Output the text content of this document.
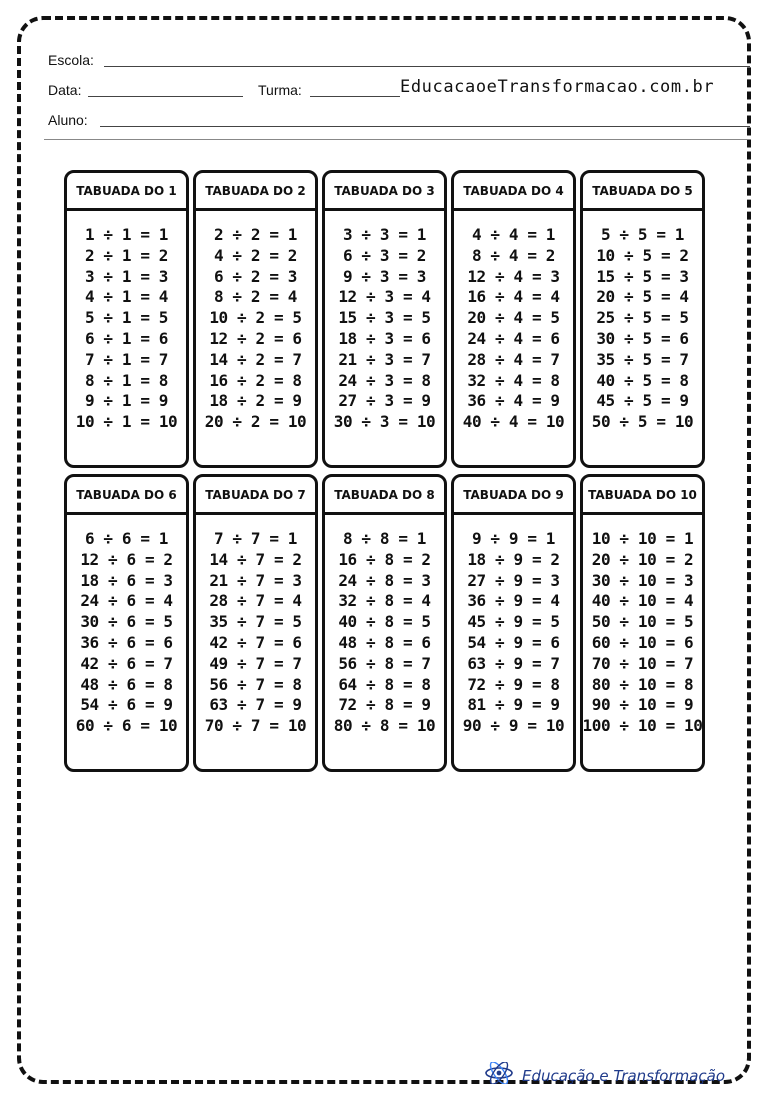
Escola:
Data:	Turma:	EducacaoeTransformacao.com.br
Aluno:
TABUADA DO 1
1 ÷ 1 = 1
2 ÷ 1 = 2
3 ÷ 1 = 3
4 ÷ 1 = 4
5 ÷ 1 = 5
6 ÷ 1 = 6
7 ÷ 1 = 7
8 ÷ 1 = 8
9 ÷ 1 = 9
10 ÷ 1 = 10
TABUADA DO 2
2 ÷ 2 = 1
4 ÷ 2 = 2
6 ÷ 2 = 3
8 ÷ 2 = 4
10 ÷ 2 = 5
12 ÷ 2 = 6
14 ÷ 2 = 7
16 ÷ 2 = 8
18 ÷ 2 = 9
20 ÷ 2 = 10
TABUADA DO 3
3 ÷ 3 = 1
6 ÷ 3 = 2
9 ÷ 3 = 3
12 ÷ 3 = 4
15 ÷ 3 = 5
18 ÷ 3 = 6
21 ÷ 3 = 7
24 ÷ 3 = 8
27 ÷ 3 = 9
30 ÷ 3 = 10
TABUADA DO 4
4 ÷ 4 = 1
8 ÷ 4 = 2
12 ÷ 4 = 3
16 ÷ 4 = 4
20 ÷ 4 = 5
24 ÷ 4 = 6
28 ÷ 4 = 7
32 ÷ 4 = 8
36 ÷ 4 = 9
40 ÷ 4 = 10
TABUADA DO 5
5 ÷ 5 = 1
10 ÷ 5 = 2
15 ÷ 5 = 3
20 ÷ 5 = 4
25 ÷ 5 = 5
30 ÷ 5 = 6
35 ÷ 5 = 7
40 ÷ 5 = 8
45 ÷ 5 = 9
50 ÷ 5 = 10
TABUADA DO 6
6 ÷ 6 = 1
12 ÷ 6 = 2
18 ÷ 6 = 3
24 ÷ 6 = 4
30 ÷ 6 = 5
36 ÷ 6 = 6
42 ÷ 6 = 7
48 ÷ 6 = 8
54 ÷ 6 = 9
60 ÷ 6 = 10
TABUADA DO 7
7 ÷ 7 = 1
14 ÷ 7 = 2
21 ÷ 7 = 3
28 ÷ 7 = 4
35 ÷ 7 = 5
42 ÷ 7 = 6
49 ÷ 7 = 7
56 ÷ 7 = 8
63 ÷ 7 = 9
70 ÷ 7 = 10
TABUADA DO 8
8 ÷ 8 = 1
16 ÷ 8 = 2
24 ÷ 8 = 3
32 ÷ 8 = 4
40 ÷ 8 = 5
48 ÷ 8 = 6
56 ÷ 8 = 7
64 ÷ 8 = 8
72 ÷ 8 = 9
80 ÷ 8 = 10
TABUADA DO 9
9 ÷ 9 = 1
18 ÷ 9 = 2
27 ÷ 9 = 3
36 ÷ 9 = 4
45 ÷ 9 = 5
54 ÷ 9 = 6
63 ÷ 9 = 7
72 ÷ 9 = 8
81 ÷ 9 = 9
90 ÷ 9 = 10
TABUADA DO 10
10 ÷ 10 = 1
20 ÷ 10 = 2
30 ÷ 10 = 3
40 ÷ 10 = 4
50 ÷ 10 = 5
60 ÷ 10 = 6
70 ÷ 10 = 7
80 ÷ 10 = 8
90 ÷ 10 = 9
100 ÷ 10 = 10
Educação e Transformação
